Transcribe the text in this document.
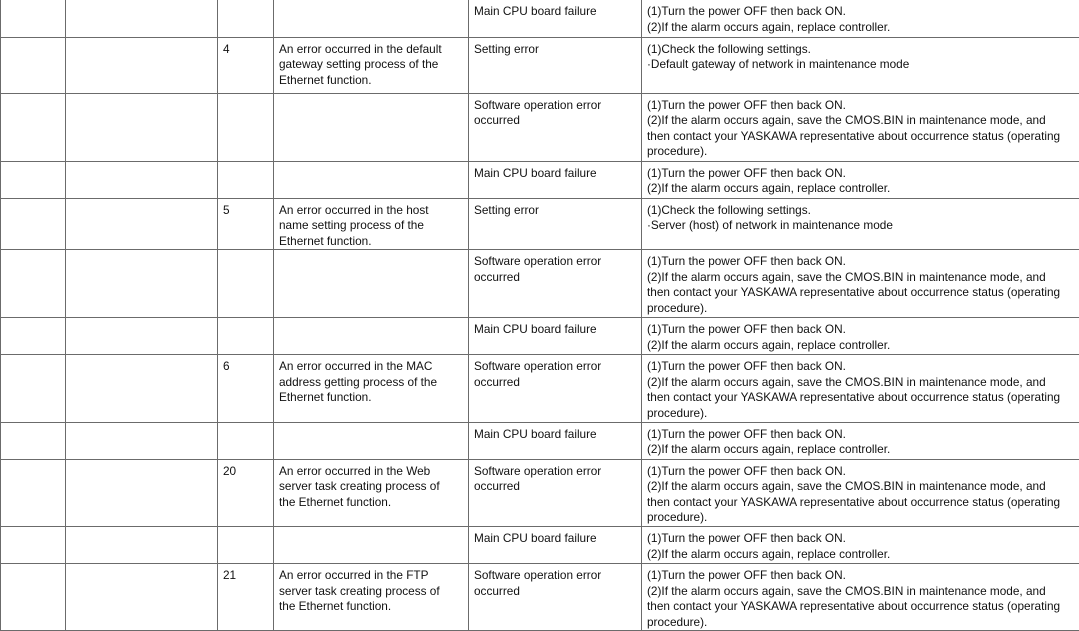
				Main CPU board failure	(1)Turn the power OFF then back ON.
(2)If the alarm occurs again, replace controller.

		4	An error occurred in the default
gateway setting process of the
Ethernet function.	Setting error	(1)Check the following settings.
·Default gateway of network in maintenance mode

				Software operation error
occurred	(1)Turn the power OFF then back ON.
(2)If the alarm occurs again, save the CMOS.BIN in maintenance mode, and
then contact your YASKAWA representative about occurrence status (operating
procedure).

				Main CPU board failure	(1)Turn the power OFF then back ON.
(2)If the alarm occurs again, replace controller.

		5	An error occurred in the host
name setting process of the
Ethernet function.	Setting error	(1)Check the following settings.
·Server (host) of network in maintenance mode

				Software operation error
occurred	(1)Turn the power OFF then back ON.
(2)If the alarm occurs again, save the CMOS.BIN in maintenance mode, and
then contact your YASKAWA representative about occurrence status (operating
procedure).

				Main CPU board failure	(1)Turn the power OFF then back ON.
(2)If the alarm occurs again, replace controller.

		6	An error occurred in the MAC
address getting process of the
Ethernet function.	Software operation error
occurred	(1)Turn the power OFF then back ON.
(2)If the alarm occurs again, save the CMOS.BIN in maintenance mode, and
then contact your YASKAWA representative about occurrence status (operating
procedure).

				Main CPU board failure	(1)Turn the power OFF then back ON.
(2)If the alarm occurs again, replace controller.

		20	An error occurred in the Web
server task creating process of
the Ethernet function.	Software operation error
occurred	(1)Turn the power OFF then back ON.
(2)If the alarm occurs again, save the CMOS.BIN in maintenance mode, and
then contact your YASKAWA representative about occurrence status (operating
procedure).

				Main CPU board failure	(1)Turn the power OFF then back ON.
(2)If the alarm occurs again, replace controller.

		21	An error occurred in the FTP
server task creating process of
the Ethernet function.	Software operation error
occurred	(1)Turn the power OFF then back ON.
(2)If the alarm occurs again, save the CMOS.BIN in maintenance mode, and
then contact your YASKAWA representative about occurrence status (operating
procedure).
